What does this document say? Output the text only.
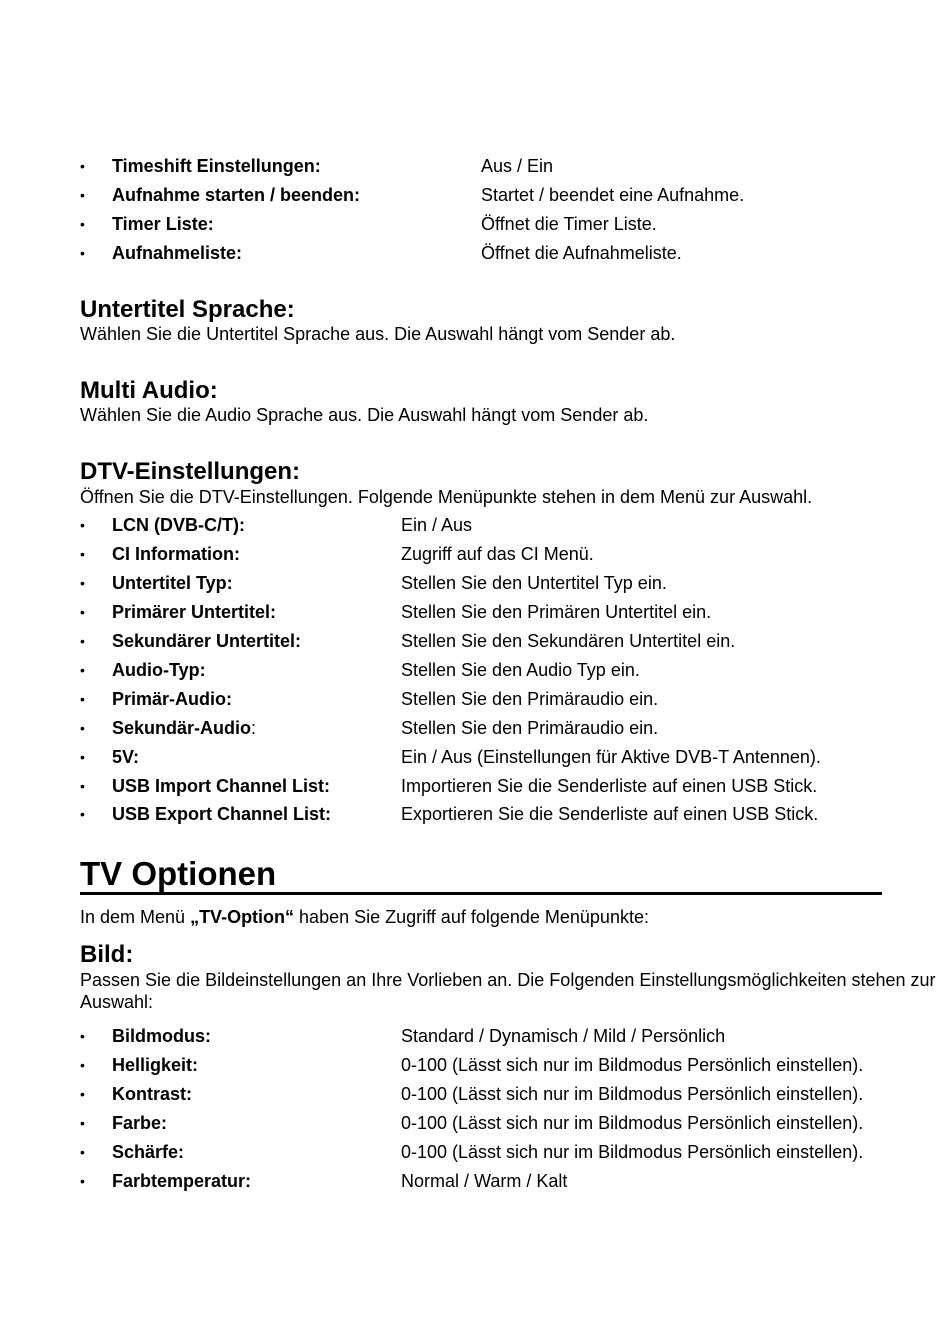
•	Timeshift Einstellungen:	Aus / Ein
•	Aufnahme starten / beenden:	Startet / beendet eine Aufnahme.
•	Timer Liste:	Öffnet die Timer Liste.
•	Aufnahmeliste:	Öffnet die Aufnahmeliste.
Untertitel Sprache:
Wählen Sie die Untertitel Sprache aus. Die Auswahl hängt vom Sender ab.
Multi Audio:
Wählen Sie die Audio Sprache aus. Die Auswahl hängt vom Sender ab.
DTV-Einstellungen:
Öffnen Sie die DTV-Einstellungen. Folgende Menüpunkte stehen in dem Menü zur Auswahl.
•	LCN (DVB-C/T):	Ein / Aus
•	CI Information:	Zugriff auf das CI Menü.
•	Untertitel Typ:	Stellen Sie den Untertitel Typ ein.
•	Primärer Untertitel:	Stellen Sie den Primären Untertitel ein.
•	Sekundärer Untertitel:	Stellen Sie den Sekundären Untertitel ein.
•	Audio-Typ:	Stellen Sie den Audio Typ ein.
•	Primär-Audio:	Stellen Sie den Primäraudio ein.
•	Sekundär-Audio:	Stellen Sie den Primäraudio ein.
•	5V:	Ein / Aus (Einstellungen für Aktive DVB-T Antennen).
•	USB Import Channel List:	Importieren Sie die Senderliste auf einen USB Stick.
•	USB Export Channel List:	Exportieren Sie die Senderliste auf einen USB Stick.
TV Optionen
In dem Menü „TV-Option“ haben Sie Zugriff auf folgende Menüpunkte:
Bild:
Passen Sie die Bildeinstellungen an Ihre Vorlieben an. Die Folgenden Einstellungsmöglichkeiten stehen zur Auswahl:
•	Bildmodus:	Standard / Dynamisch / Mild / Persönlich
•	Helligkeit:	0-100 (Lässt sich nur im Bildmodus Persönlich einstellen).
•	Kontrast:	0-100 (Lässt sich nur im Bildmodus Persönlich einstellen).
•	Farbe:	0-100 (Lässt sich nur im Bildmodus Persönlich einstellen).
•	Schärfe:	0-100 (Lässt sich nur im Bildmodus Persönlich einstellen).
•	Farbtemperatur:	Normal / Warm / Kalt
